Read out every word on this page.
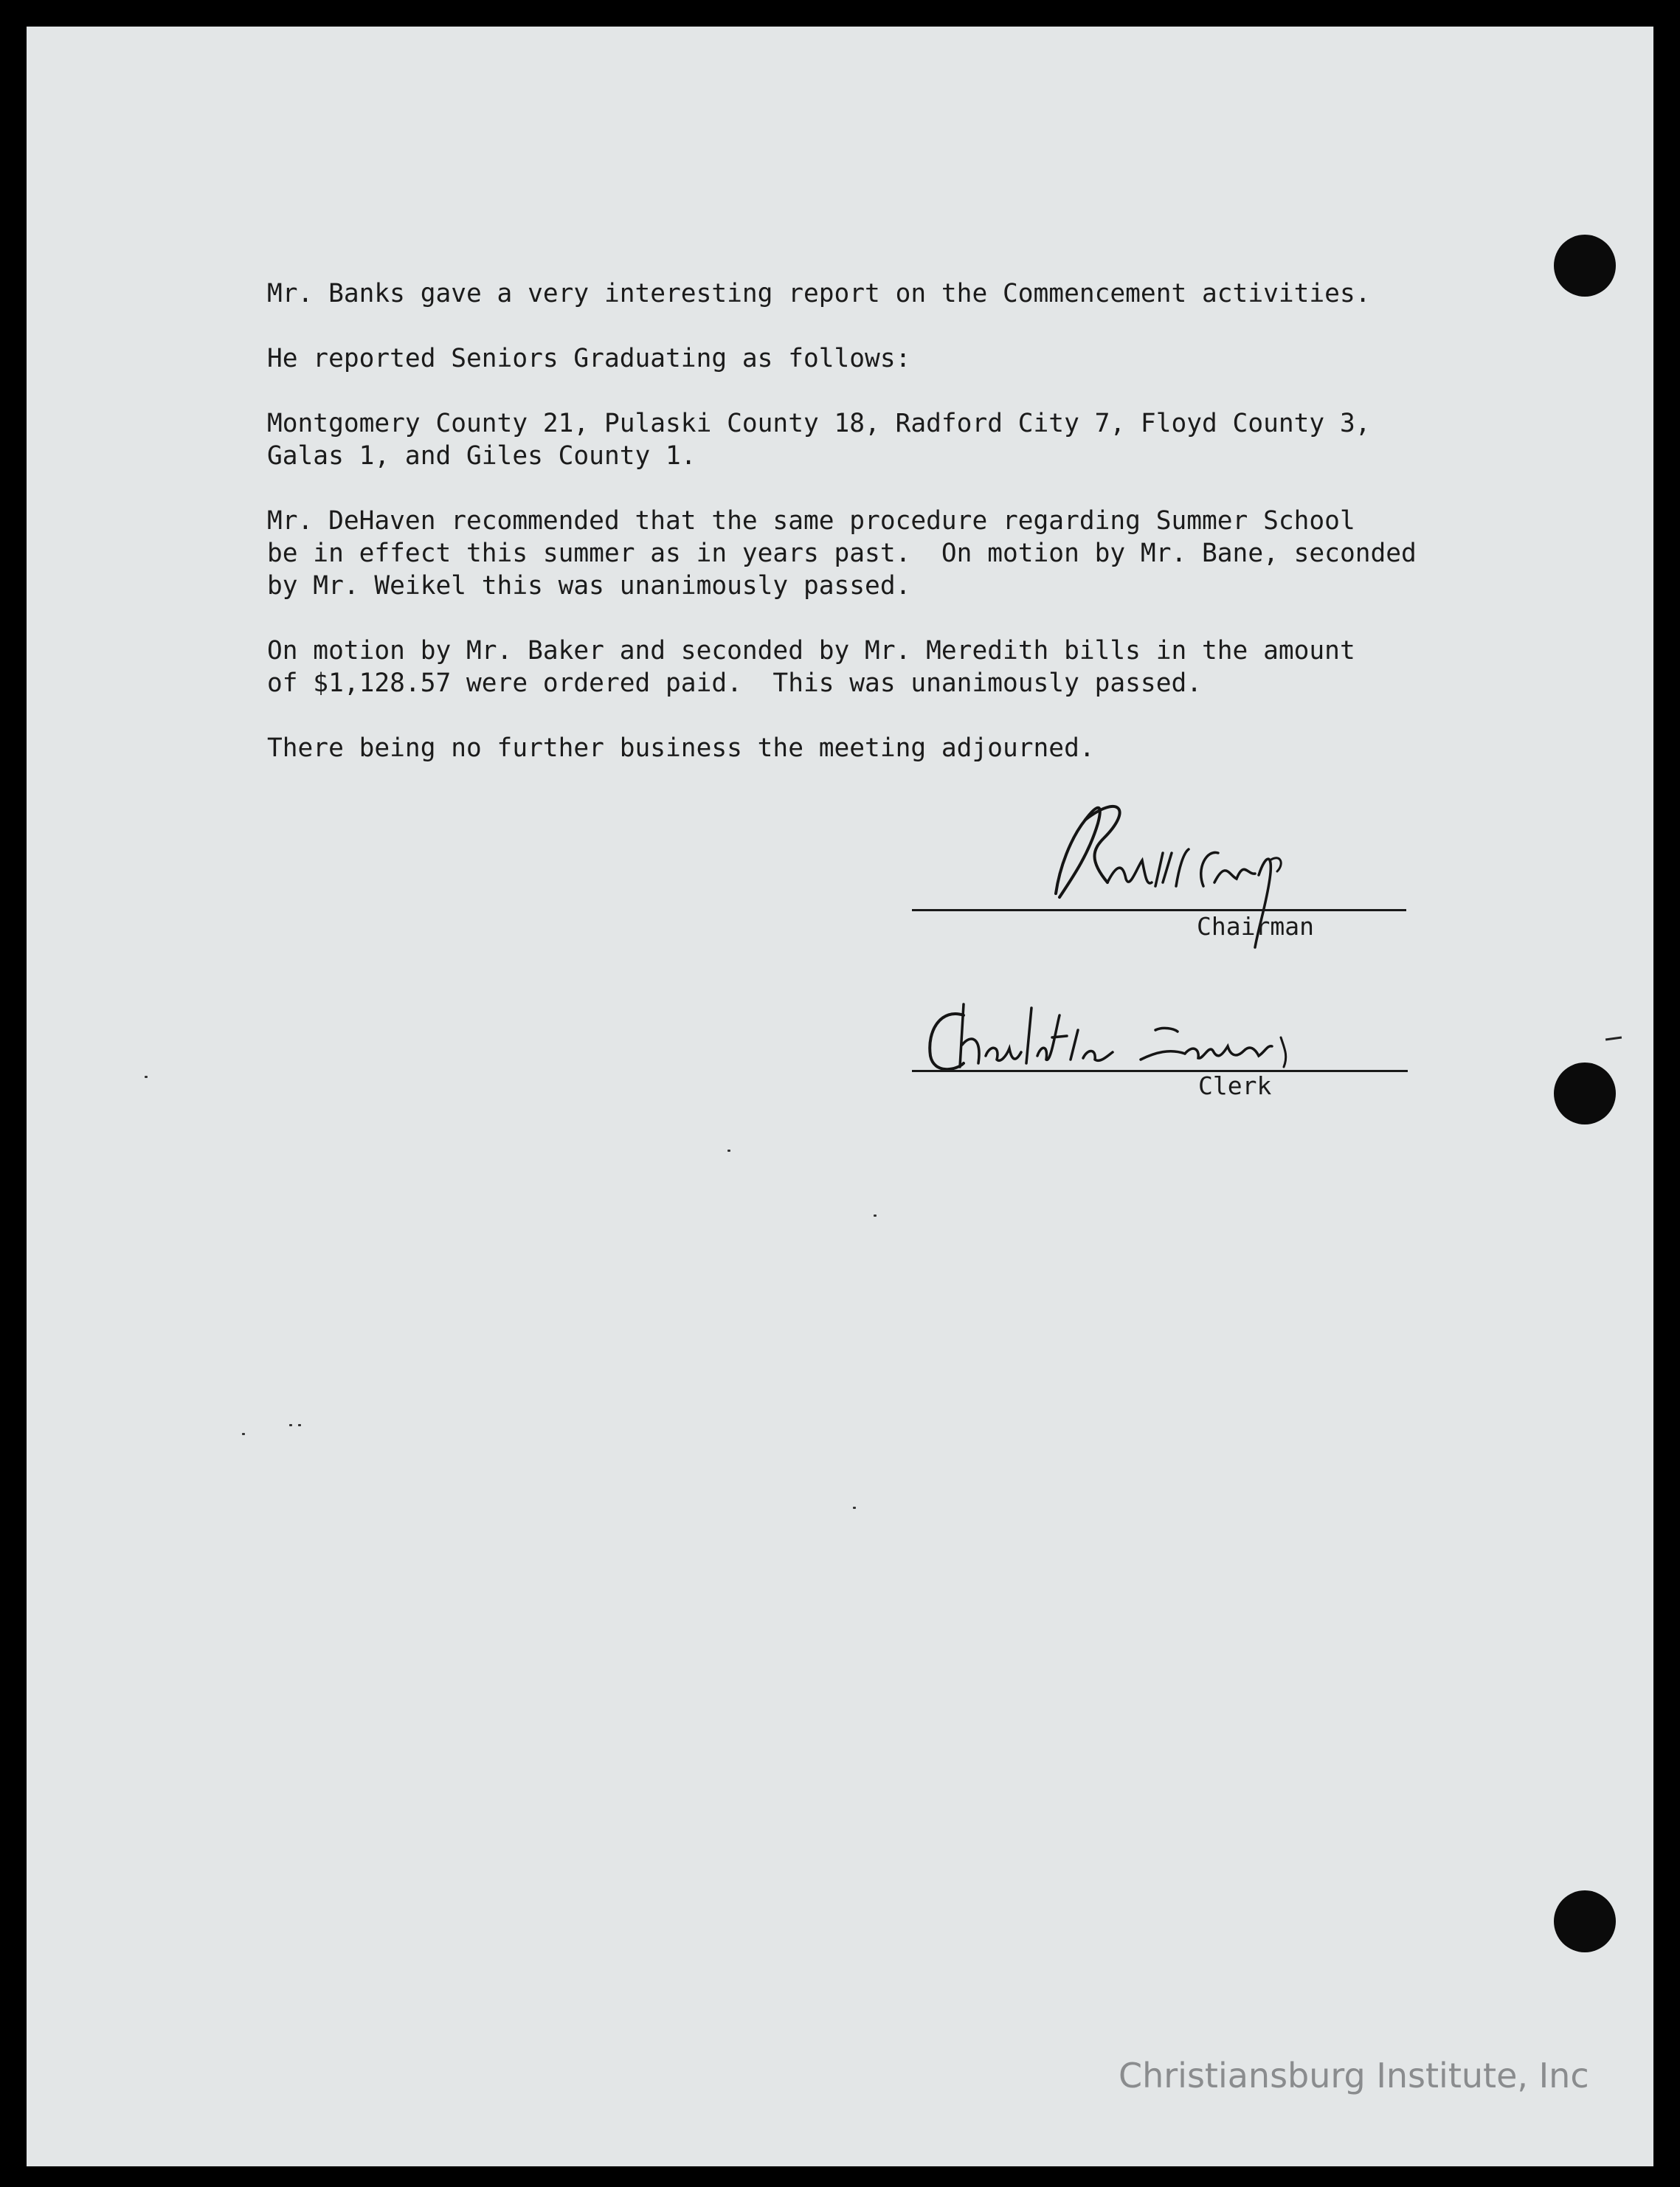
Mr. Banks gave a very interesting report on the Commencement activities.

He reported Seniors Graduating as follows:

Montgomery County 21, Pulaski County 18, Radford City 7, Floyd County 3,
Galas 1, and Giles County 1.

Mr. DeHaven recommended that the same procedure regarding Summer School
be in effect this summer as in years past.  On motion by Mr. Bane, seconded
by Mr. Weikel this was unanimously passed.

On motion by Mr. Baker and seconded by Mr. Meredith bills in the amount
of $1,128.57 were ordered paid.  This was unanimously passed.

There being no further business the meeting adjourned.

Chairman
Clerk
Christiansburg Institute, Inc
